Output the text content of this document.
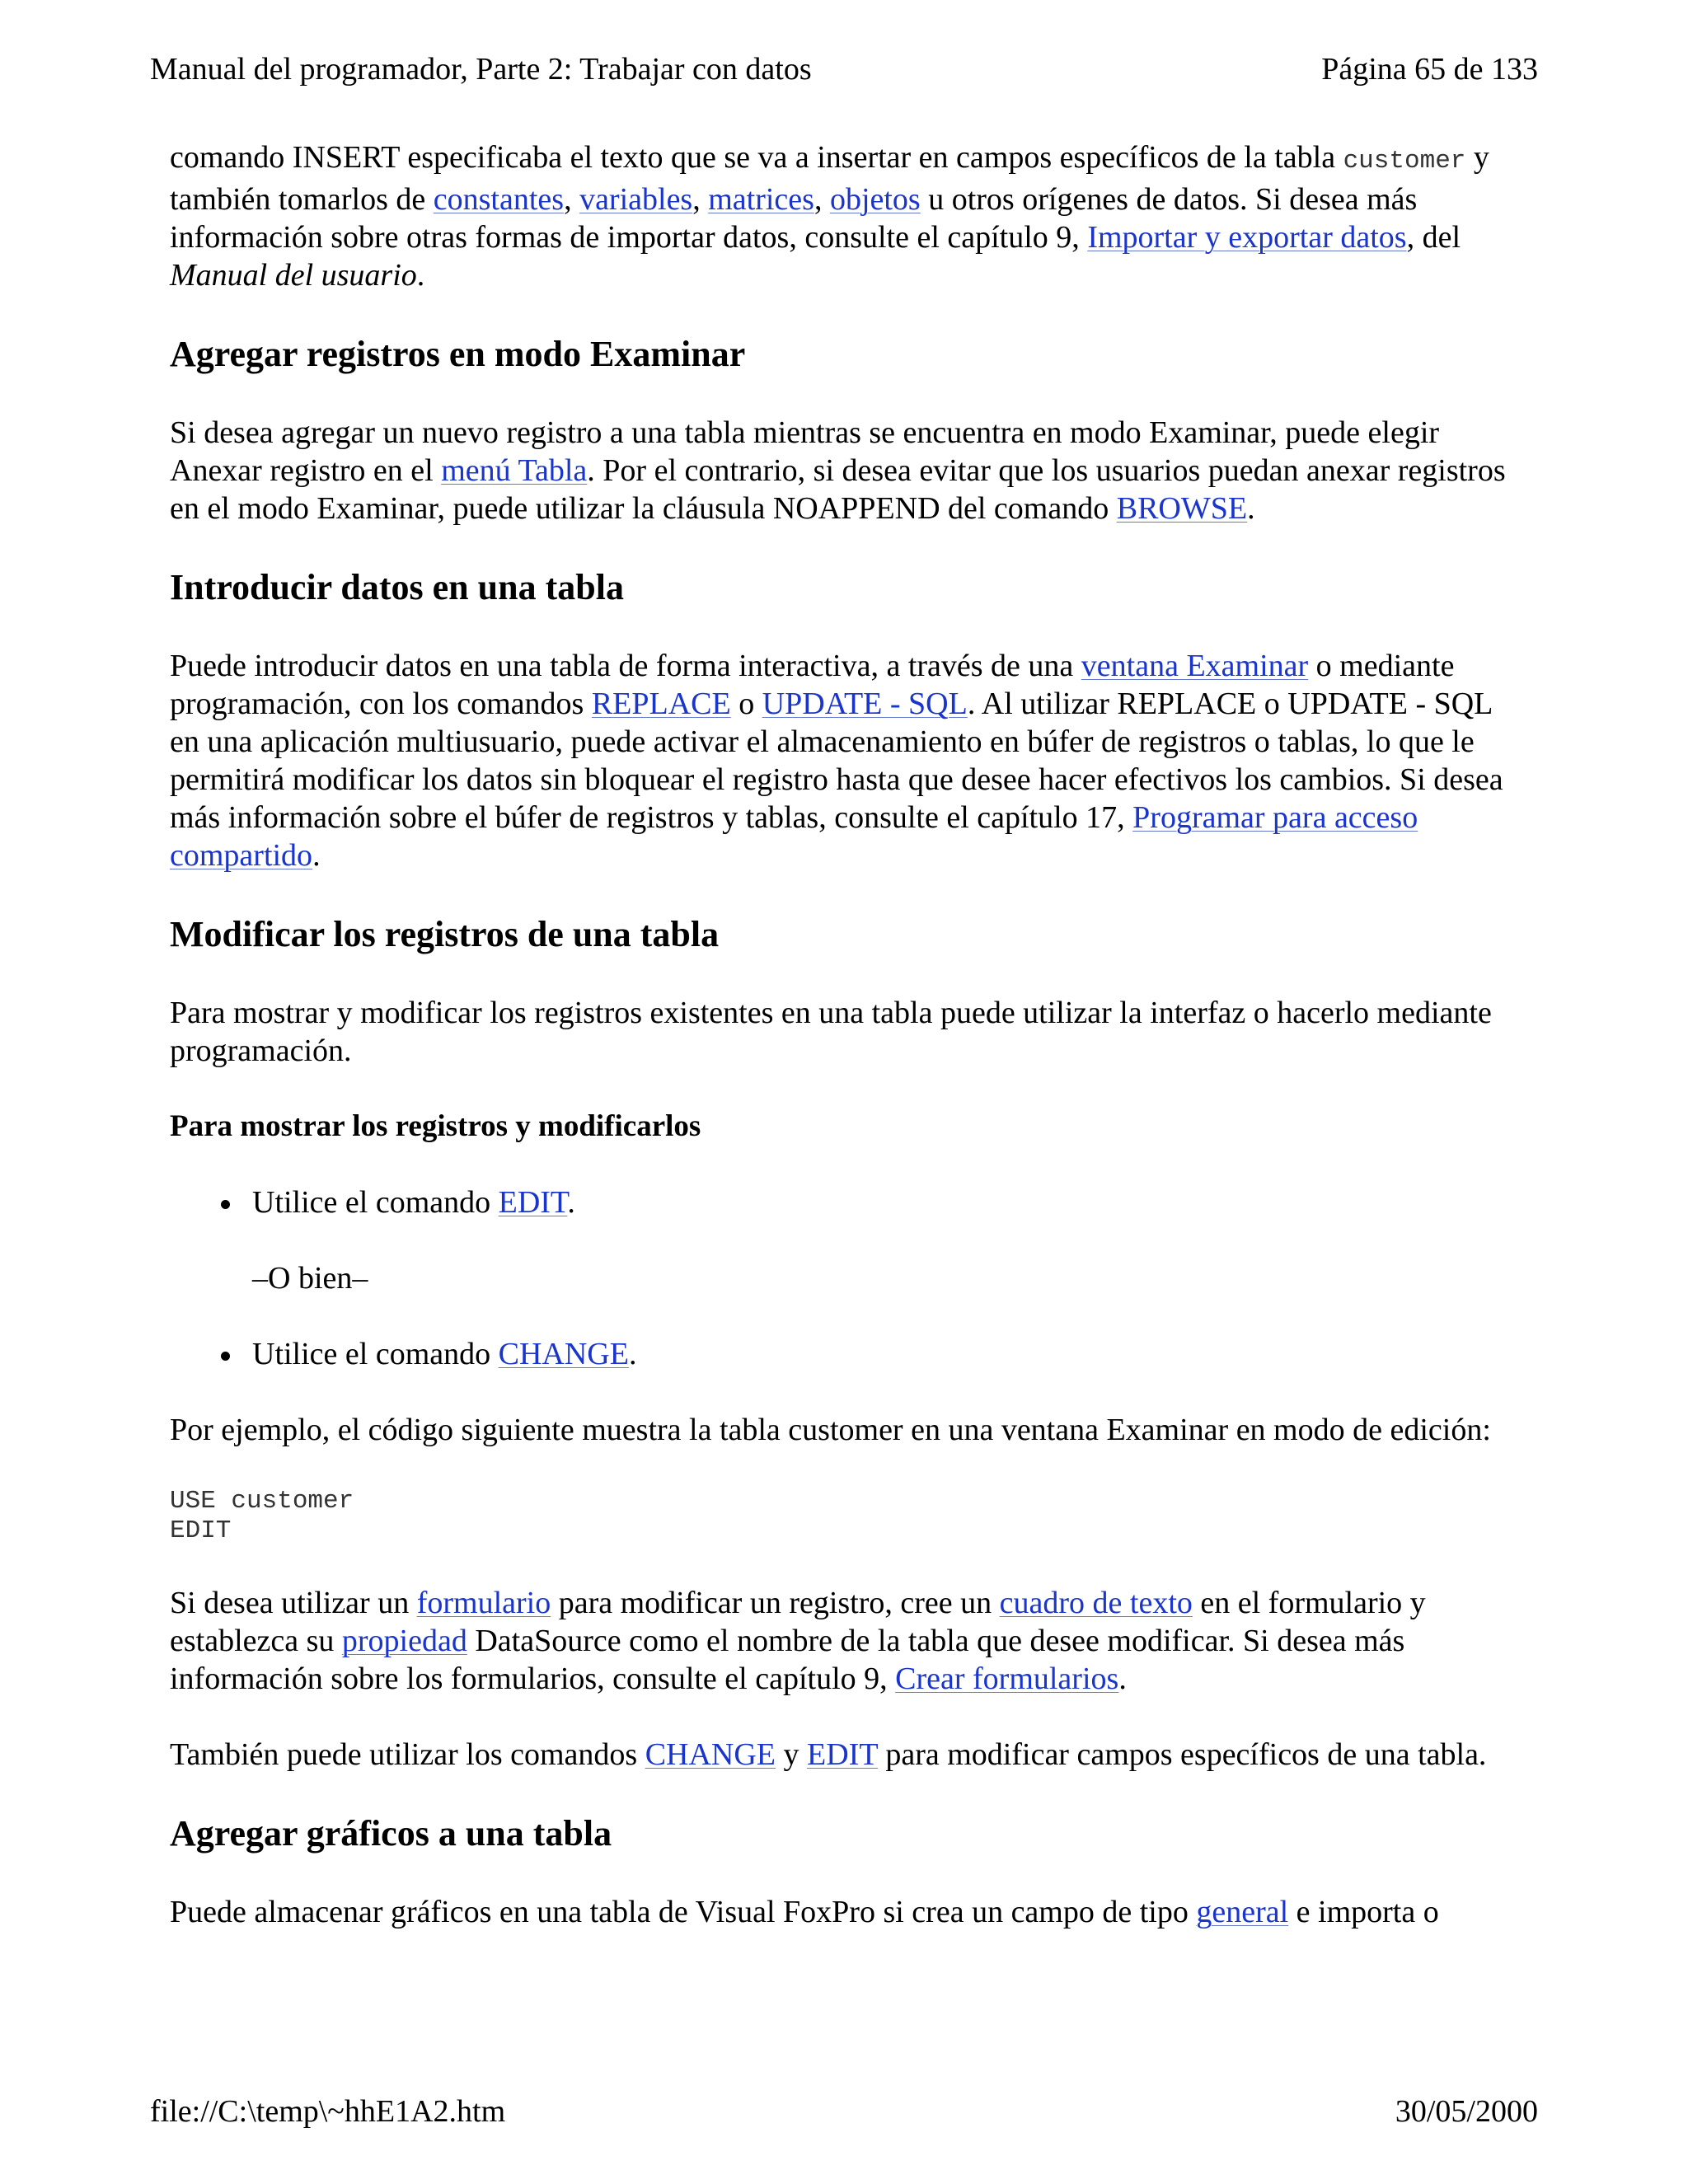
Manual del programador, Parte 2: Trabajar con datos	Página 65 de 133

comando INSERT especificaba el texto que se va a insertar en campos específicos de la tabla customer y también tomarlos de constantes, variables, matrices, objetos u otros orígenes de datos. Si desea más información sobre otras formas de importar datos, consulte el capítulo 9, Importar y exportar datos, del Manual del usuario.

Agregar registros en modo Examinar

Si desea agregar un nuevo registro a una tabla mientras se encuentra en modo Examinar, puede elegir Anexar registro en el menú Tabla. Por el contrario, si desea evitar que los usuarios puedan anexar registros en el modo Examinar, puede utilizar la cláusula NOAPPEND del comando BROWSE.

Introducir datos en una tabla

Puede introducir datos en una tabla de forma interactiva, a través de una ventana Examinar o mediante programación, con los comandos REPLACE o UPDATE - SQL. Al utilizar REPLACE o UPDATE - SQL en una aplicación multiusuario, puede activar el almacenamiento en búfer de registros o tablas, lo que le permitirá modificar los datos sin bloquear el registro hasta que desee hacer efectivos los cambios. Si desea más información sobre el búfer de registros y tablas, consulte el capítulo 17, Programar para acceso compartido.

Modificar los registros de una tabla

Para mostrar y modificar los registros existentes en una tabla puede utilizar la interfaz o hacerlo mediante programación.

Para mostrar los registros y modificarlos
Utilice el comando EDIT.

–O bien–

Utilice el comando CHANGE.

Por ejemplo, el código siguiente muestra la tabla customer en una ventana Examinar en modo de edición:

USE customer
EDIT

Si desea utilizar un formulario para modificar un registro, cree un cuadro de texto en el formulario y establezca su propiedad DataSource como el nombre de la tabla que desee modificar. Si desea más información sobre los formularios, consulte el capítulo 9, Crear formularios.

También puede utilizar los comandos CHANGE y EDIT para modificar campos específicos de una tabla.

Agregar gráficos a una tabla

Puede almacenar gráficos en una tabla de Visual FoxPro si crea un campo de tipo general e importa o

file://C:\temp\~hhE1A2.htm	30/05/2000
